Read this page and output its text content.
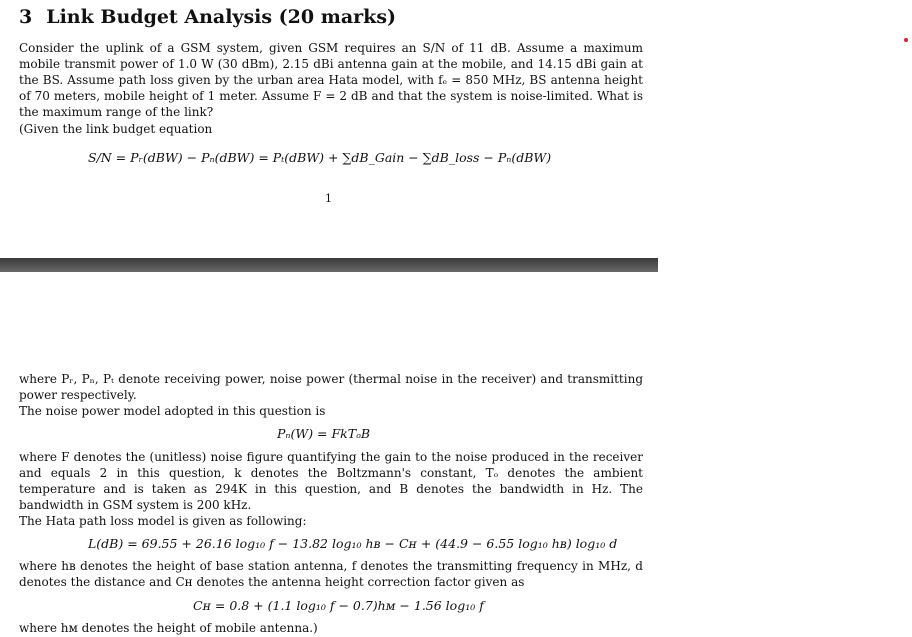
3 Link Budget Analysis (20 marks)
Consider the uplink of a GSM system, given GSM requires an S/N of 11 dB. Assume a maximum mobile transmit power of 1.0 W (30 dBm), 2.15 dBi antenna gain at the mobile, and 14.15 dBi gain at the BS. Assume path loss given by the urban area Hata model, with fₑ = 850 MHz, BS antenna height of 70 meters, mobile height of 1 meter. Assume F = 2 dB and that the system is noise-limited. What is the maximum range of the link?
(Given the link budget equation
S/N = Pᵣ(dBW) − Pₙ(dBW) = Pₜ(dBW) + ∑dB_Gain − ∑dB_loss − Pₙ(dBW)
1
where Pᵣ, Pₙ, Pₜ denote receiving power, noise power (thermal noise in the receiver) and transmitting power respectively.
The noise power model adopted in this question is
Pₙ(W) = FkTₒB
where F denotes the (unitless) noise figure quantifying the gain to the noise produced in the receiver and equals 2 in this question, k denotes the Boltzmann's constant, Tₒ denotes the ambient temperature and is taken as 294K in this question, and B denotes the bandwidth in Hz. The bandwidth in GSM system is 200 kHz.
The Hata path loss model is given as following:
L(dB) = 69.55 + 26.16 log₁₀ f − 13.82 log₁₀ hʙ − Cʜ + (44.9 − 6.55 log₁₀ hʙ) log₁₀ d
where hʙ denotes the height of base station antenna, f denotes the transmitting frequency in MHz, d denotes the distance and Cʜ denotes the antenna height correction factor given as
Cʜ = 0.8 + (1.1 log₁₀ f − 0.7)hᴍ − 1.56 log₁₀ f
where hᴍ denotes the height of mobile antenna.)
